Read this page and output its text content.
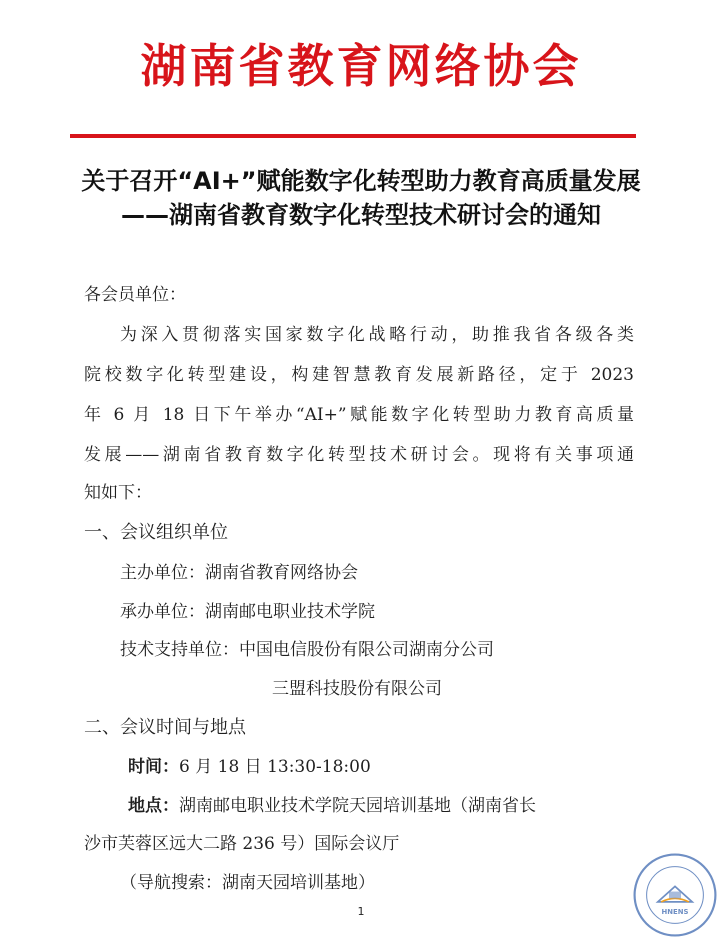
湖南省教育网络协会
关于召开“AI+”赋能数字化转型助力教育高质量发展——湖南省教育数字化转型技术研讨会的通知
各会员单位：
为深入贯彻落实国家数字化战略行动，助推我省各级各类
院校数字化转型建设，构建智慧教育发展新路径，定于 2023
年 6 月 18 日下午举办“AI+”赋能数字化转型助力教育高质量
发展——湖南省教育数字化转型技术研讨会。现将有关事项通
知如下：
一、会议组织单位
主办单位：湖南省教育网络协会
承办单位：湖南邮电职业技术学院
技术支持单位：中国电信股份有限公司湖南分公司
三盟科技股份有限公司
二、会议时间与地点
时间：6 月 18 日 13:30-18:00
地点：湖南邮电职业技术学院天园培训基地（湖南省长
沙市芙蓉区远大二路 236 号）国际会议厅
（导航搜索：湖南天园培训基地）
1	HNENS
